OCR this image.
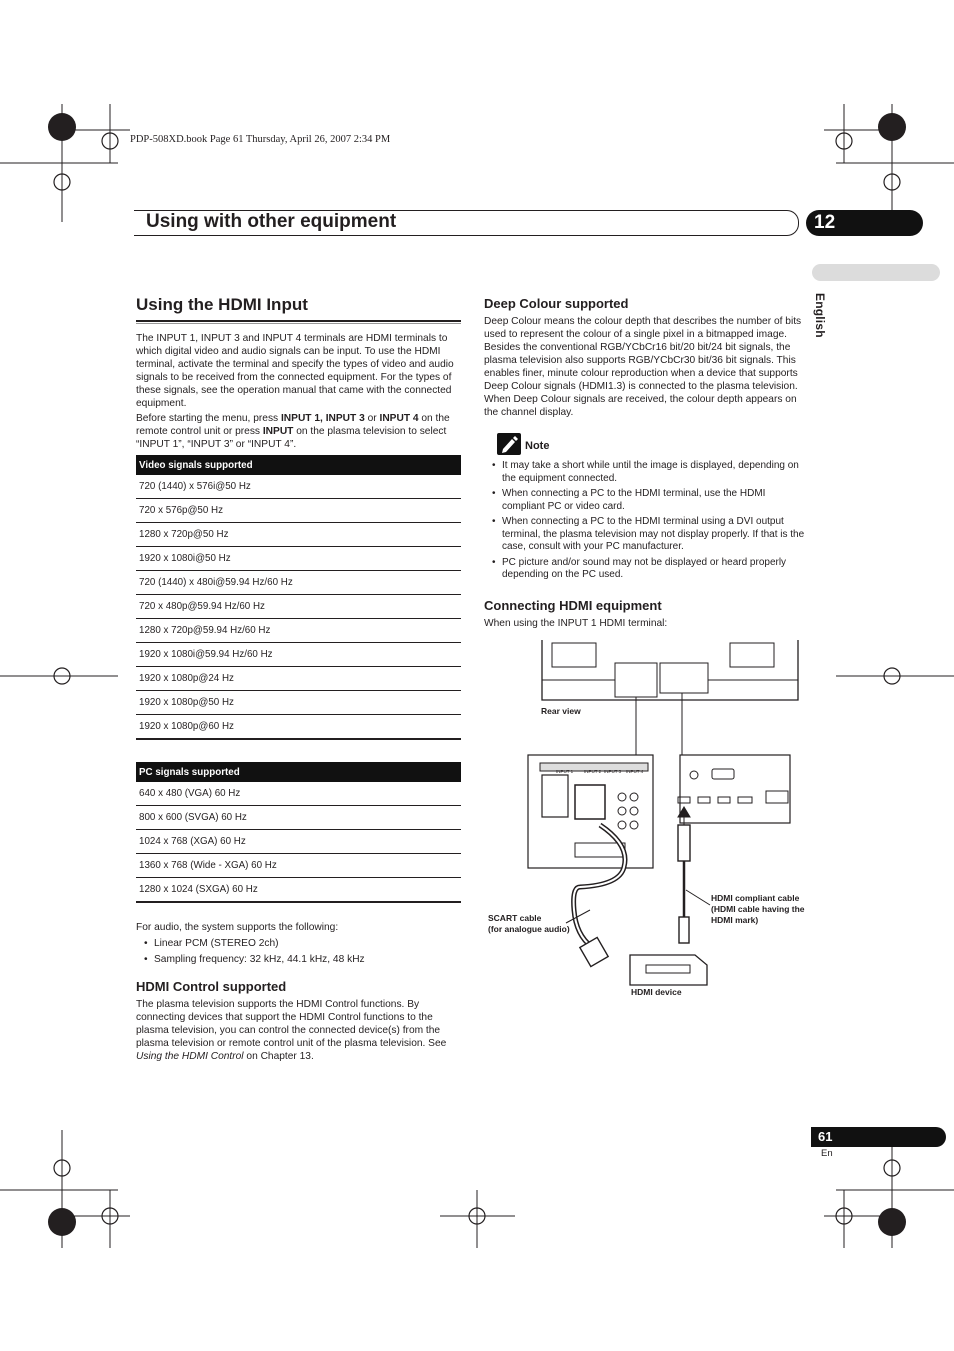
PDP-508XD.book Page 61 Thursday, April 26, 2007 2:34 PM
Using with other equipment	12
English
Using the HDMI Input

The INPUT 1, INPUT 3 and INPUT 4 terminals are HDMI terminals to which digital video and audio signals can be input. To use the HDMI terminal, activate the terminal and specify the types of video and audio signals to be received from the connected equipment. For the types of these signals, see the operation manual that came with the connected equipment.

Before starting the menu, press INPUT 1, INPUT 3 or INPUT 4 on the remote control unit or press INPUT on the plasma television to select “INPUT 1”, “INPUT 3” or “INPUT 4”.

Video signals supported
720 (1440) x 576i@50 Hz
720 x 576p@50 Hz
1280 x 720p@50 Hz
1920 x 1080i@50 Hz
720 (1440) x 480i@59.94 Hz/60 Hz
720 x 480p@59.94 Hz/60 Hz
1280 x 720p@59.94 Hz/60 Hz
1920 x 1080i@59.94 Hz/60 Hz
1920 x 1080p@24 Hz
1920 x 1080p@50 Hz
1920 x 1080p@60 Hz
PC signals supported
640 x 480 (VGA) 60 Hz
800 x 600 (SVGA) 60 Hz
1024 x 768 (XGA) 60 Hz
1360 x 768 (Wide - XGA) 60 Hz
1280 x 1024 (SXGA) 60 Hz

For audio, the system supports the following:

• Linear PCM (STEREO 2ch)
• Sampling frequency: 32 kHz, 44.1 kHz, 48 kHz
HDMI Control supported

The plasma television supports the HDMI Control functions. By connecting devices that support the HDMI Control functions to the plasma television, you can control the connected device(s) from the plasma television or remote control unit of the plasma television. See Using the HDMI Control on Chapter 13.

Deep Colour supported

Deep Colour means the colour depth that describes the number of bits used to represent the colour of a single pixel in a bitmapped image. Besides the conventional RGB/YCbCr16 bit/20 bit/24 bit signals, the plasma television also supports RGB/YCbCr30 bit/36 bit signals. This enables finer, minute colour reproduction when a device that supports Deep Colour signals (HDMI1.3) is connected to the plasma television. When Deep Colour signals are received, the colour depth appears on the channel display.

Note
• It may take a short while until the image is displayed, depending on the equipment connected.
• When connecting a PC to the HDMI terminal, use the HDMI compliant PC or video card.
• When connecting a PC to the HDMI terminal using a DVI output terminal, the plasma television may not display properly. If that is the case, consult with your PC manufacturer.
• PC picture and/or sound may not be displayed or heard properly depending on the PC used.
Connecting HDMI equipment

When using the INPUT 1 HDMI terminal:

INPUT 1 INPUT 2 INPUT 3 INPUT 4
Rear view
HDMI compliant cable
(HDMI cable having the
HDMI mark)
SCART cable
(for analogue audio)
HDMI device
61
En
